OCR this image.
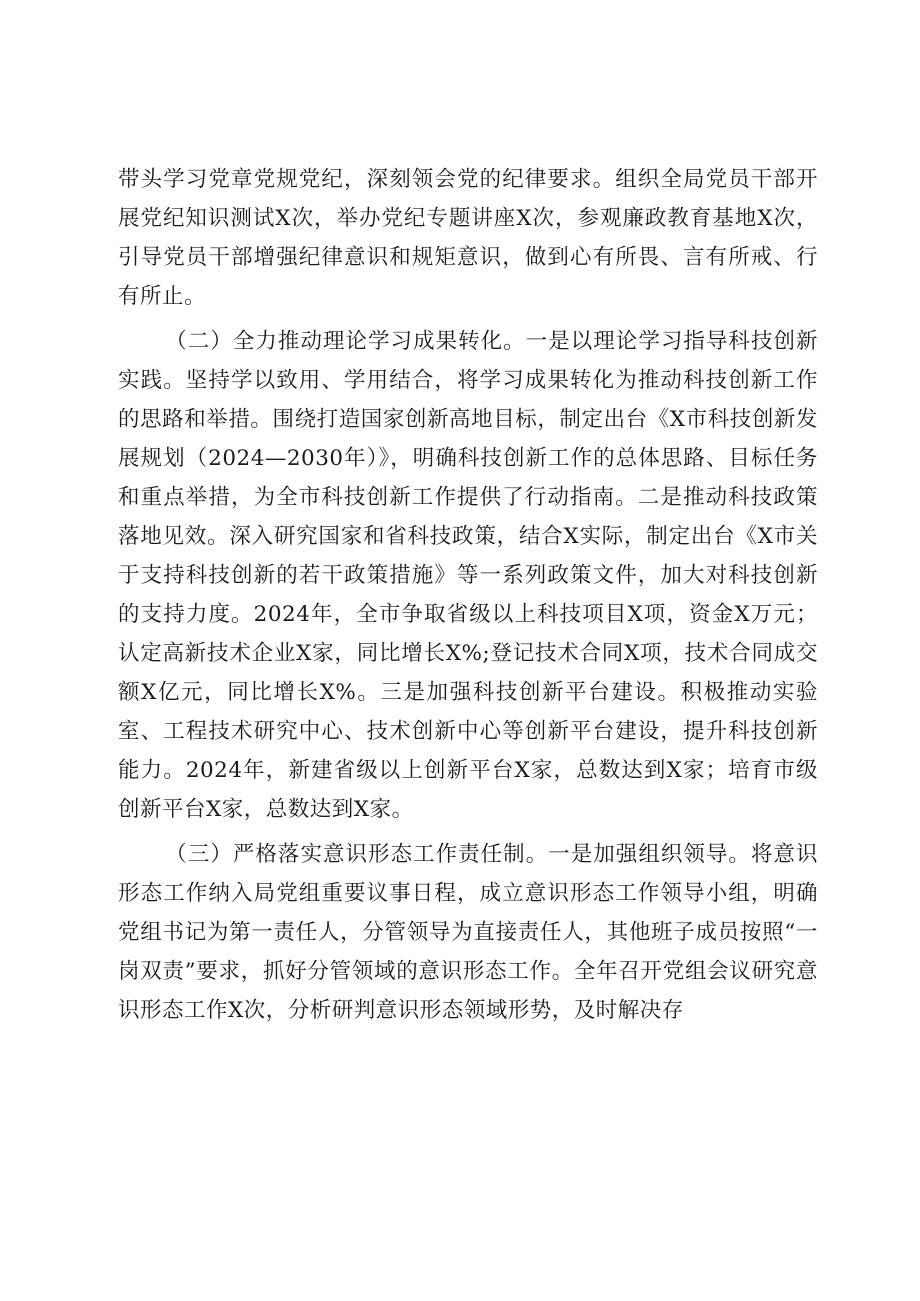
带头学习党章党规党纪，深刻领会党的纪律要求。组织全局党员干部开展党纪知识测试X次，举办党纪专题讲座X次，参观廉政教育基地X次，引导党员干部增强纪律意识和规矩意识，做到心有所畏、言有所戒、行有所止。

（二）全力推动理论学习成果转化。一是以理论学习指导科技创新实践。坚持学以致用、学用结合，将学习成果转化为推动科技创新工作的思路和举措。围绕打造国家创新高地目标，制定出台《X市科技创新发展规划（2024—2030年）》，明确科技创新工作的总体思路、目标任务和重点举措，为全市科技创新工作提供了行动指南。二是推动科技政策落地见效。深入研究国家和省科技政策，结合X实际，制定出台《X市关于支持科技创新的若干政策措施》等一系列政策文件，加大对科技创新的支持力度。2024年，全市争取省级以上科技项目X项，资金X万元；认定高新技术企业X家，同比增长X%;登记技术合同X项，技术合同成交额X亿元，同比增长X%。三是加强科技创新平台建设。积极推动实验室、工程技术研究中心、技术创新中心等创新平台建设，提升科技创新能力。2024年，新建省级以上创新平台X家，总数达到X家；培育市级创新平台X家，总数达到X家。

（三）严格落实意识形态工作责任制。一是加强组织领导。将意识形态工作纳入局党组重要议事日程，成立意识形态工作领导小组，明确党组书记为第一责任人，分管领导为直接责任人，其他班子成员按照“一岗双责”要求，抓好分管领域的意识形态工作。全年召开党组会议研究意识形态工作X次，分析研判意识形态领域形势，及时解决存
